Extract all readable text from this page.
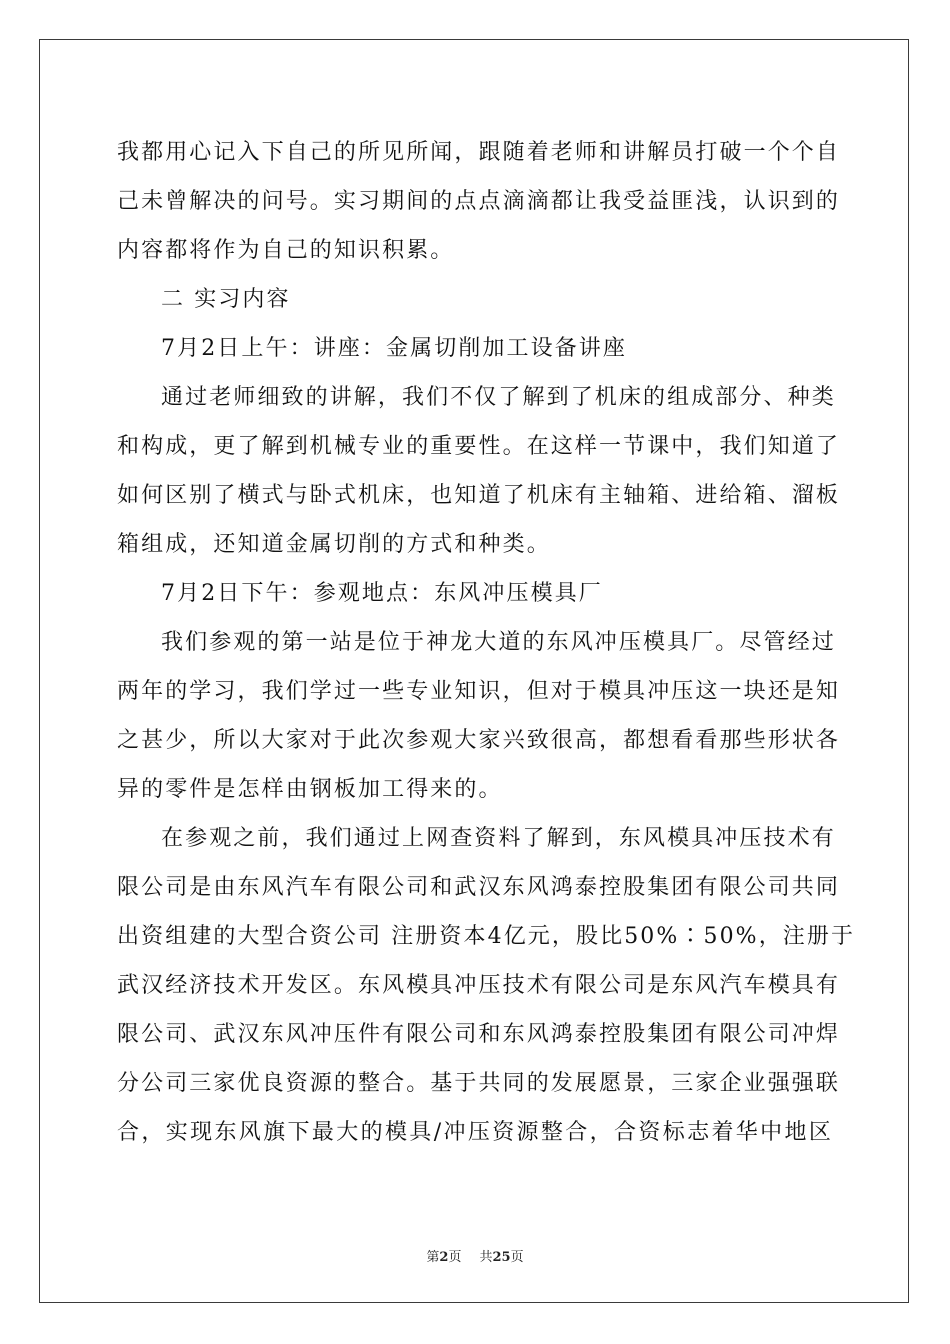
我都用心记入下自己的所见所闻，跟随着老师和讲解员打破一个个自
己未曾解决的问号。实习期间的点点滴滴都让我受益匪浅，认识到的
内容都将作为自己的知识积累。
二 实习内容
7月2日上午：讲座：金属切削加工设备讲座
通过老师细致的讲解，我们不仅了解到了机床的组成部分、种类
和构成，更了解到机械专业的重要性。在这样一节课中，我们知道了
如何区别了横式与卧式机床，也知道了机床有主轴箱、进给箱、溜板
箱组成，还知道金属切削的方式和种类。
7月2日下午：参观地点：东风冲压模具厂
我们参观的第一站是位于神龙大道的东风冲压模具厂。尽管经过
两年的学习，我们学过一些专业知识，但对于模具冲压这一块还是知
之甚少，所以大家对于此次参观大家兴致很高，都想看看那些形状各
异的零件是怎样由钢板加工得来的。
在参观之前，我们通过上网查资料了解到，东风模具冲压技术有
限公司是由东风汽车有限公司和武汉东风鸿泰控股集团有限公司共同
出资组建的大型合资公司 注册资本4亿元，股比50%∶50%，注册于
武汉经济技术开发区。东风模具冲压技术有限公司是东风汽车模具有
限公司、武汉东风冲压件有限公司和东风鸿泰控股集团有限公司冲焊
分公司三家优良资源的整合。基于共同的发展愿景，三家企业强强联
合，实现东风旗下最大的模具/冲压资源整合，合资标志着华中地区
第2页 共25页
